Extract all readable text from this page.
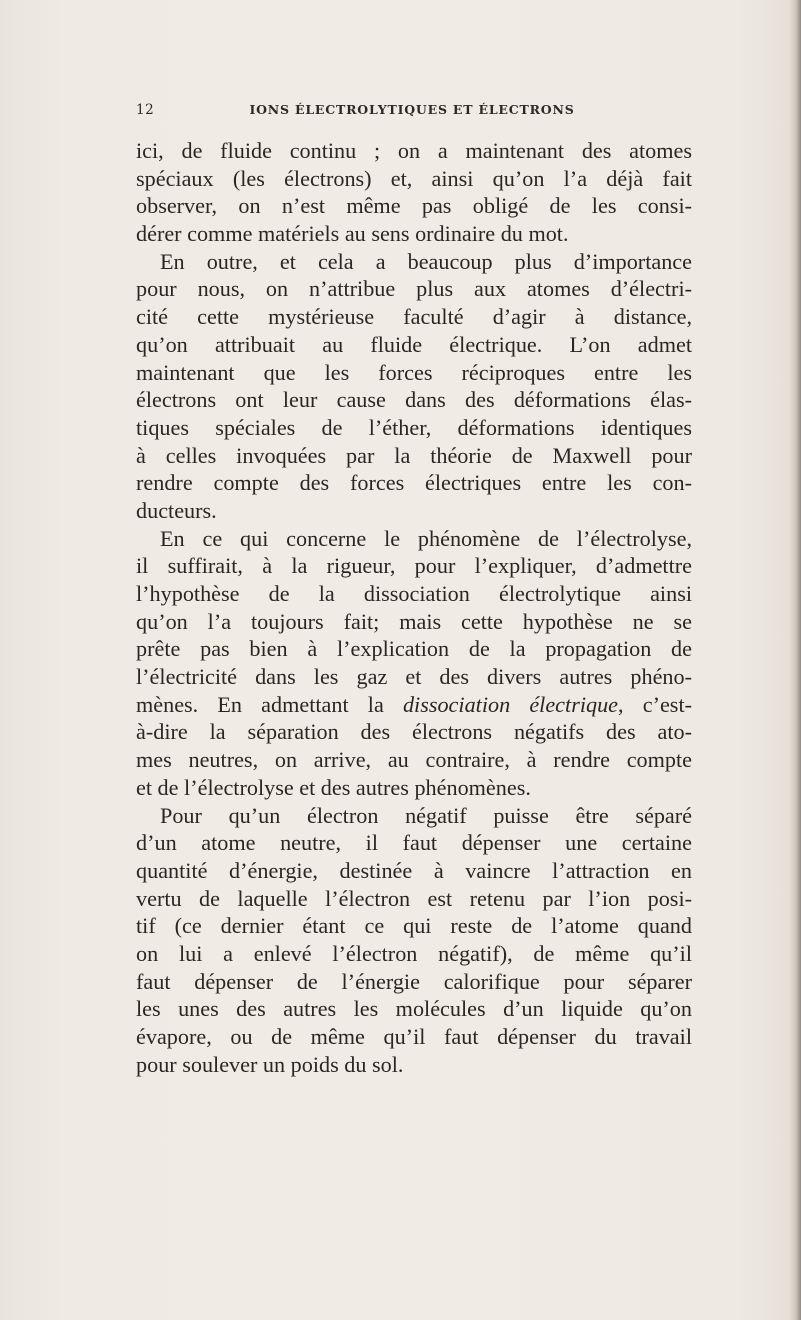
12	IONS ÉLECTROLYTIQUES ET ÉLECTRONS
ici, de fluide continu ; on a maintenant des atomes
spéciaux (les électrons) et, ainsi qu’on l’a déjà fait
observer, on n’est même pas obligé de les consi-
dérer comme matériels au sens ordinaire du mot.
En outre, et cela a beaucoup plus d’importance
pour nous, on n’attribue plus aux atomes d’électri-
cité cette mystérieuse faculté d’agir à distance,
qu’on attribuait au fluide électrique. L’on admet
maintenant que les forces réciproques entre les
électrons ont leur cause dans des déformations élas-
tiques spéciales de l’éther, déformations identiques
à celles invoquées par la théorie de Maxwell pour
rendre compte des forces électriques entre les con-
ducteurs.
En ce qui concerne le phénomène de l’électrolyse,
il suffirait, à la rigueur, pour l’expliquer, d’admettre
l’hypothèse de la dissociation électrolytique ainsi
qu’on l’a toujours fait; mais cette hypothèse ne se
prête pas bien à l’explication de la propagation de
l’électricité dans les gaz et des divers autres phéno-
mènes. En admettant la dissociation électrique, c’est-
à-dire la séparation des électrons négatifs des ato-
mes neutres, on arrive, au contraire, à rendre compte
et de l’électrolyse et des autres phénomènes.
Pour qu’un électron négatif puisse être séparé
d’un atome neutre, il faut dépenser une certaine
quantité d’énergie, destinée à vaincre l’attraction en
vertu de laquelle l’électron est retenu par l’ion posi-
tif (ce dernier étant ce qui reste de l’atome quand
on lui a enlevé l’électron négatif), de même qu’il
faut dépenser de l’énergie calorifique pour séparer
les unes des autres les molécules d’un liquide qu’on
évapore, ou de même qu’il faut dépenser du travail
pour soulever un poids du sol.
